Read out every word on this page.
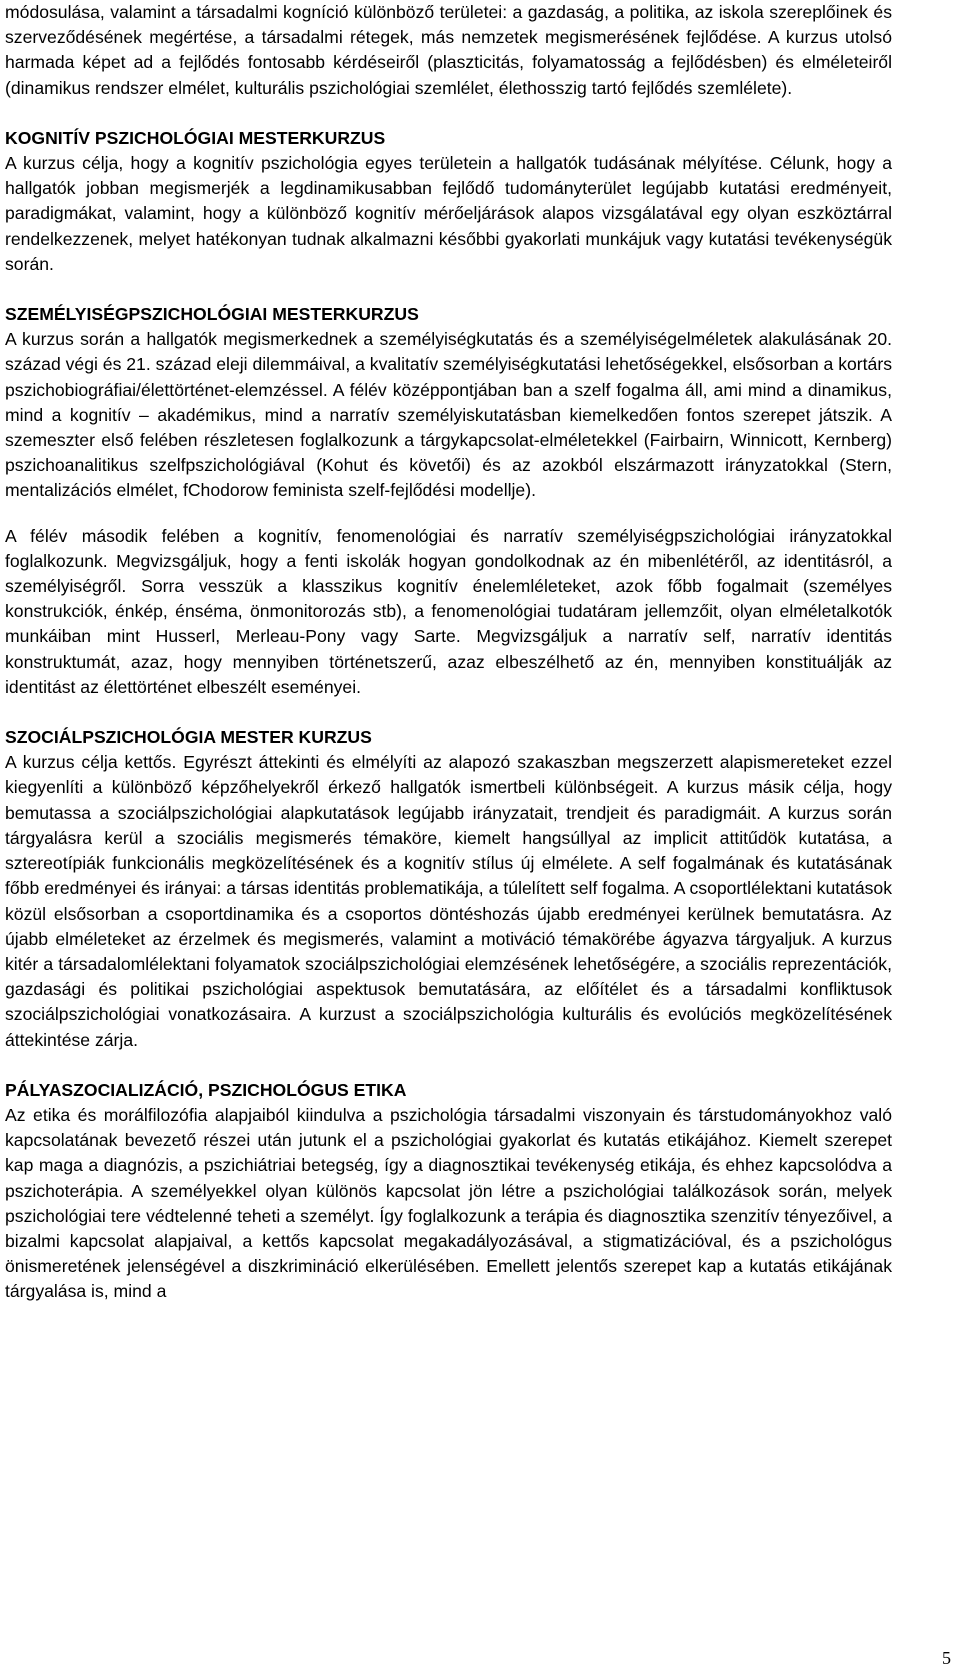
módosulása, valamint a társadalmi kogníció különböző területei: a gazdaság, a politika, az iskola szereplőinek és szerveződésének megértése, a társadalmi rétegek, más nemzetek megismerésének fejlődése. A kurzus utolsó harmada képet ad a fejlődés fontosabb kérdéseiről (plaszticitás, folyamatosság a fejlődésben) és elméleteiről (dinamikus rendszer elmélet, kulturális pszichológiai szemlélet, élethosszig tartó fejlődés szemlélete).

KOGNITÍV PSZICHOLÓGIAI MESTERKURZUS

A kurzus célja, hogy a kognitív pszichológia egyes területein a hallgatók tudásának mélyítése. Célunk, hogy a hallgatók jobban megismerjék a legdinamikusabban fejlődő tudományterület legújabb kutatási eredményeit, paradigmákat, valamint, hogy a különböző kognitív mérőeljárások alapos vizsgálatával egy olyan eszköztárral rendelkezzenek, melyet hatékonyan tudnak alkalmazni későbbi gyakorlati munkájuk vagy kutatási tevékenységük során.

SZEMÉLYISÉGPSZICHOLÓGIAI MESTERKURZUS

A kurzus során a hallgatók megismerkednek a személyiségkutatás és a személyiségelméletek alakulásának 20. század végi és 21. század eleji dilemmáival, a kvalitatív személyiségkutatási lehetőségekkel, elsősorban a kortárs pszichobiográfiai/élettörténet-elemzéssel. A félév középpontjában ban a szelf fogalma áll, ami mind a dinamikus, mind a kognitív – akadémikus, mind a narratív személyiskutatásban kiemelkedően fontos szerepet játszik. A szemeszter első felében részletesen foglalkozunk a tárgykapcsolat-elméletekkel (Fairbairn, Winnicott, Kernberg) pszichoanalitikus szelfpszichológiával (Kohut és követői) és az azokból elszármazott irányzatokkal (Stern, mentalizációs elmélet, fChodorow feminista szelf-fejlődési modellje).

A félév második felében a kognitív, fenomenológiai és narratív személyiségpszichológiai irányzatokkal foglalkozunk. Megvizsgáljuk, hogy a fenti iskolák hogyan gondolkodnak az én mibenlétéről, az identitásról, a személyiségről. Sorra vesszük a klasszikus kognitív énelemléleteket, azok főbb fogalmait (személyes konstrukciók, énkép, énséma, önmonitorozás stb), a fenomenológiai tudatáram jellemzőit, olyan elméletalkotók munkáiban mint Husserl, Merleau-Pony vagy Sarte. Megvizsgáljuk a narratív self, narratív identitás konstruktumát, azaz, hogy mennyiben történetszerű, azaz elbeszélhető az én, mennyiben konstituálják az identitást az élettörténet elbeszélt eseményei.

SZOCIÁLPSZICHOLÓGIA MESTER KURZUS

A kurzus célja kettős. Egyrészt áttekinti és elmélyíti az alapozó szakaszban megszerzett alapismereteket ezzel kiegyenlíti a különböző képzőhelyekről érkező hallgatók ismertbeli különbségeit. A kurzus másik célja, hogy bemutassa a szociálpszichológiai alapkutatások legújabb irányzatait, trendjeit és paradigmáit. A kurzus során tárgyalásra kerül a szociális megismerés témaköre, kiemelt hangsúllyal az implicit attitűdök kutatása, a sztereotípiák funkcionális megközelítésének és a kognitív stílus új elmélete. A self fogalmának és kutatásának főbb eredményei és irányai: a társas identitás problematikája, a túlelített self fogalma. A csoportlélektani kutatások közül elsősorban a csoportdinamika és a csoportos döntéshozás újabb eredményei kerülnek bemutatásra. Az újabb elméleteket az érzelmek és megismerés, valamint a motiváció témakörébe ágyazva tárgyaljuk. A kurzus kitér a társadalomlélektani folyamatok szociálpszichológiai elemzésének lehetőségére, a szociális reprezentációk, gazdasági és politikai pszichológiai aspektusok bemutatására, az előítélet és a társadalmi konfliktusok szociálpszichológiai vonatkozásaira. A kurzust a szociálpszichológia kulturális és evolúciós megközelítésének áttekintése zárja.

PÁLYASZOCIALIZÁCIÓ, PSZICHOLÓGUS ETIKA

Az etika és morálfilozófia alapjaiból kiindulva a pszichológia társadalmi viszonyain és társtudományokhoz való kapcsolatának bevezető részei után jutunk el a pszichológiai gyakorlat és kutatás etikájához. Kiemelt szerepet kap maga a diagnózis, a pszichiátriai betegség, így a diagnosztikai tevékenység etikája, és ehhez kapcsolódva a pszichoterápia. A személyekkel olyan különös kapcsolat jön létre a pszichológiai találkozások során, melyek pszichológiai tere védtelenné teheti a személyt. Így foglalkozunk a terápia és diagnosztika szenzitív tényezőivel, a bizalmi kapcsolat alapjaival, a kettős kapcsolat megakadályozásával, a stigmatizációval, és a pszichológus önismeretének jelenségével a diszkrimináció elkerülésében. Emellett jelentős szerepet kap a kutatás etikájának tárgyalása is, mind a

5
